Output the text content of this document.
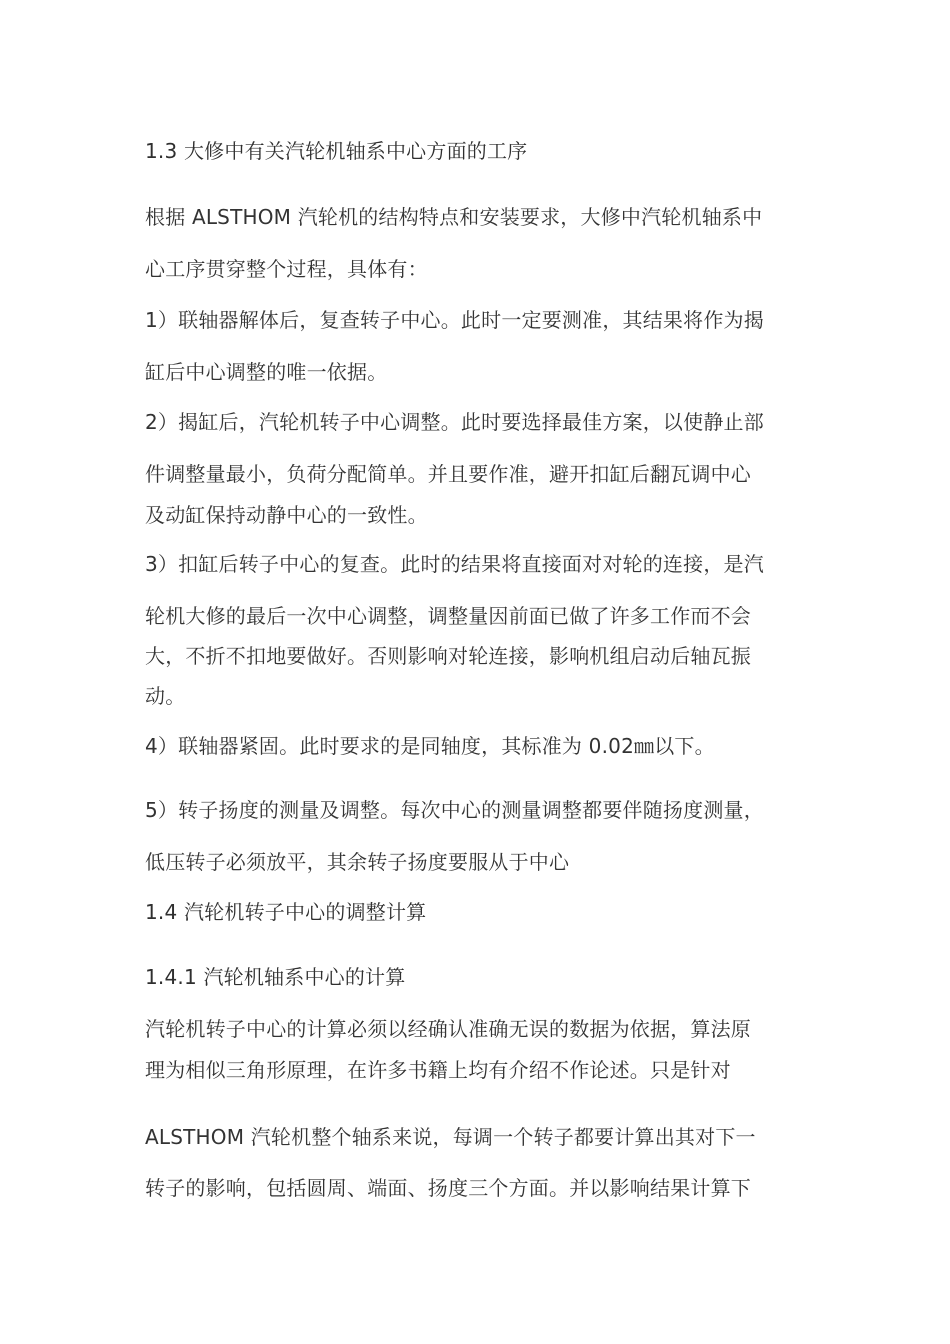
1.3 大修中有关汽轮机轴系中心方面的工序
根据 ALSTHOM 汽轮机的结构特点和安装要求，大修中汽轮机轴系中
心工序贯穿整个过程，具体有：
1）联轴器解体后，复查转子中心。此时一定要测准，其结果将作为揭
缸后中心调整的唯一依据。
2）揭缸后，汽轮机转子中心调整。此时要选择最佳方案，以使静止部
件调整量最小，负荷分配简单。并且要作准，避开扣缸后翻瓦调中心
及动缸保持动静中心的一致性。
3）扣缸后转子中心的复查。此时的结果将直接面对对轮的连接，是汽
轮机大修的最后一次中心调整，调整量因前面已做了许多工作而不会
大，不折不扣地要做好。否则影响对轮连接，影响机组启动后轴瓦振
动。
4）联轴器紧固。此时要求的是同轴度，其标准为 0.02㎜以下。
5）转子扬度的测量及调整。每次中心的测量调整都要伴随扬度测量，
低压转子必须放平，其余转子扬度要服从于中心
1.4 汽轮机转子中心的调整计算
1.4.1 汽轮机轴系中心的计算
汽轮机转子中心的计算必须以经确认准确无误的数据为依据，算法原
理为相似三角形原理，在许多书籍上均有介绍不作论述。只是针对
ALSTHOM 汽轮机整个轴系来说，每调一个转子都要计算出其对下一
转子的影响，包括圆周、端面、扬度三个方面。并以影响结果计算下
